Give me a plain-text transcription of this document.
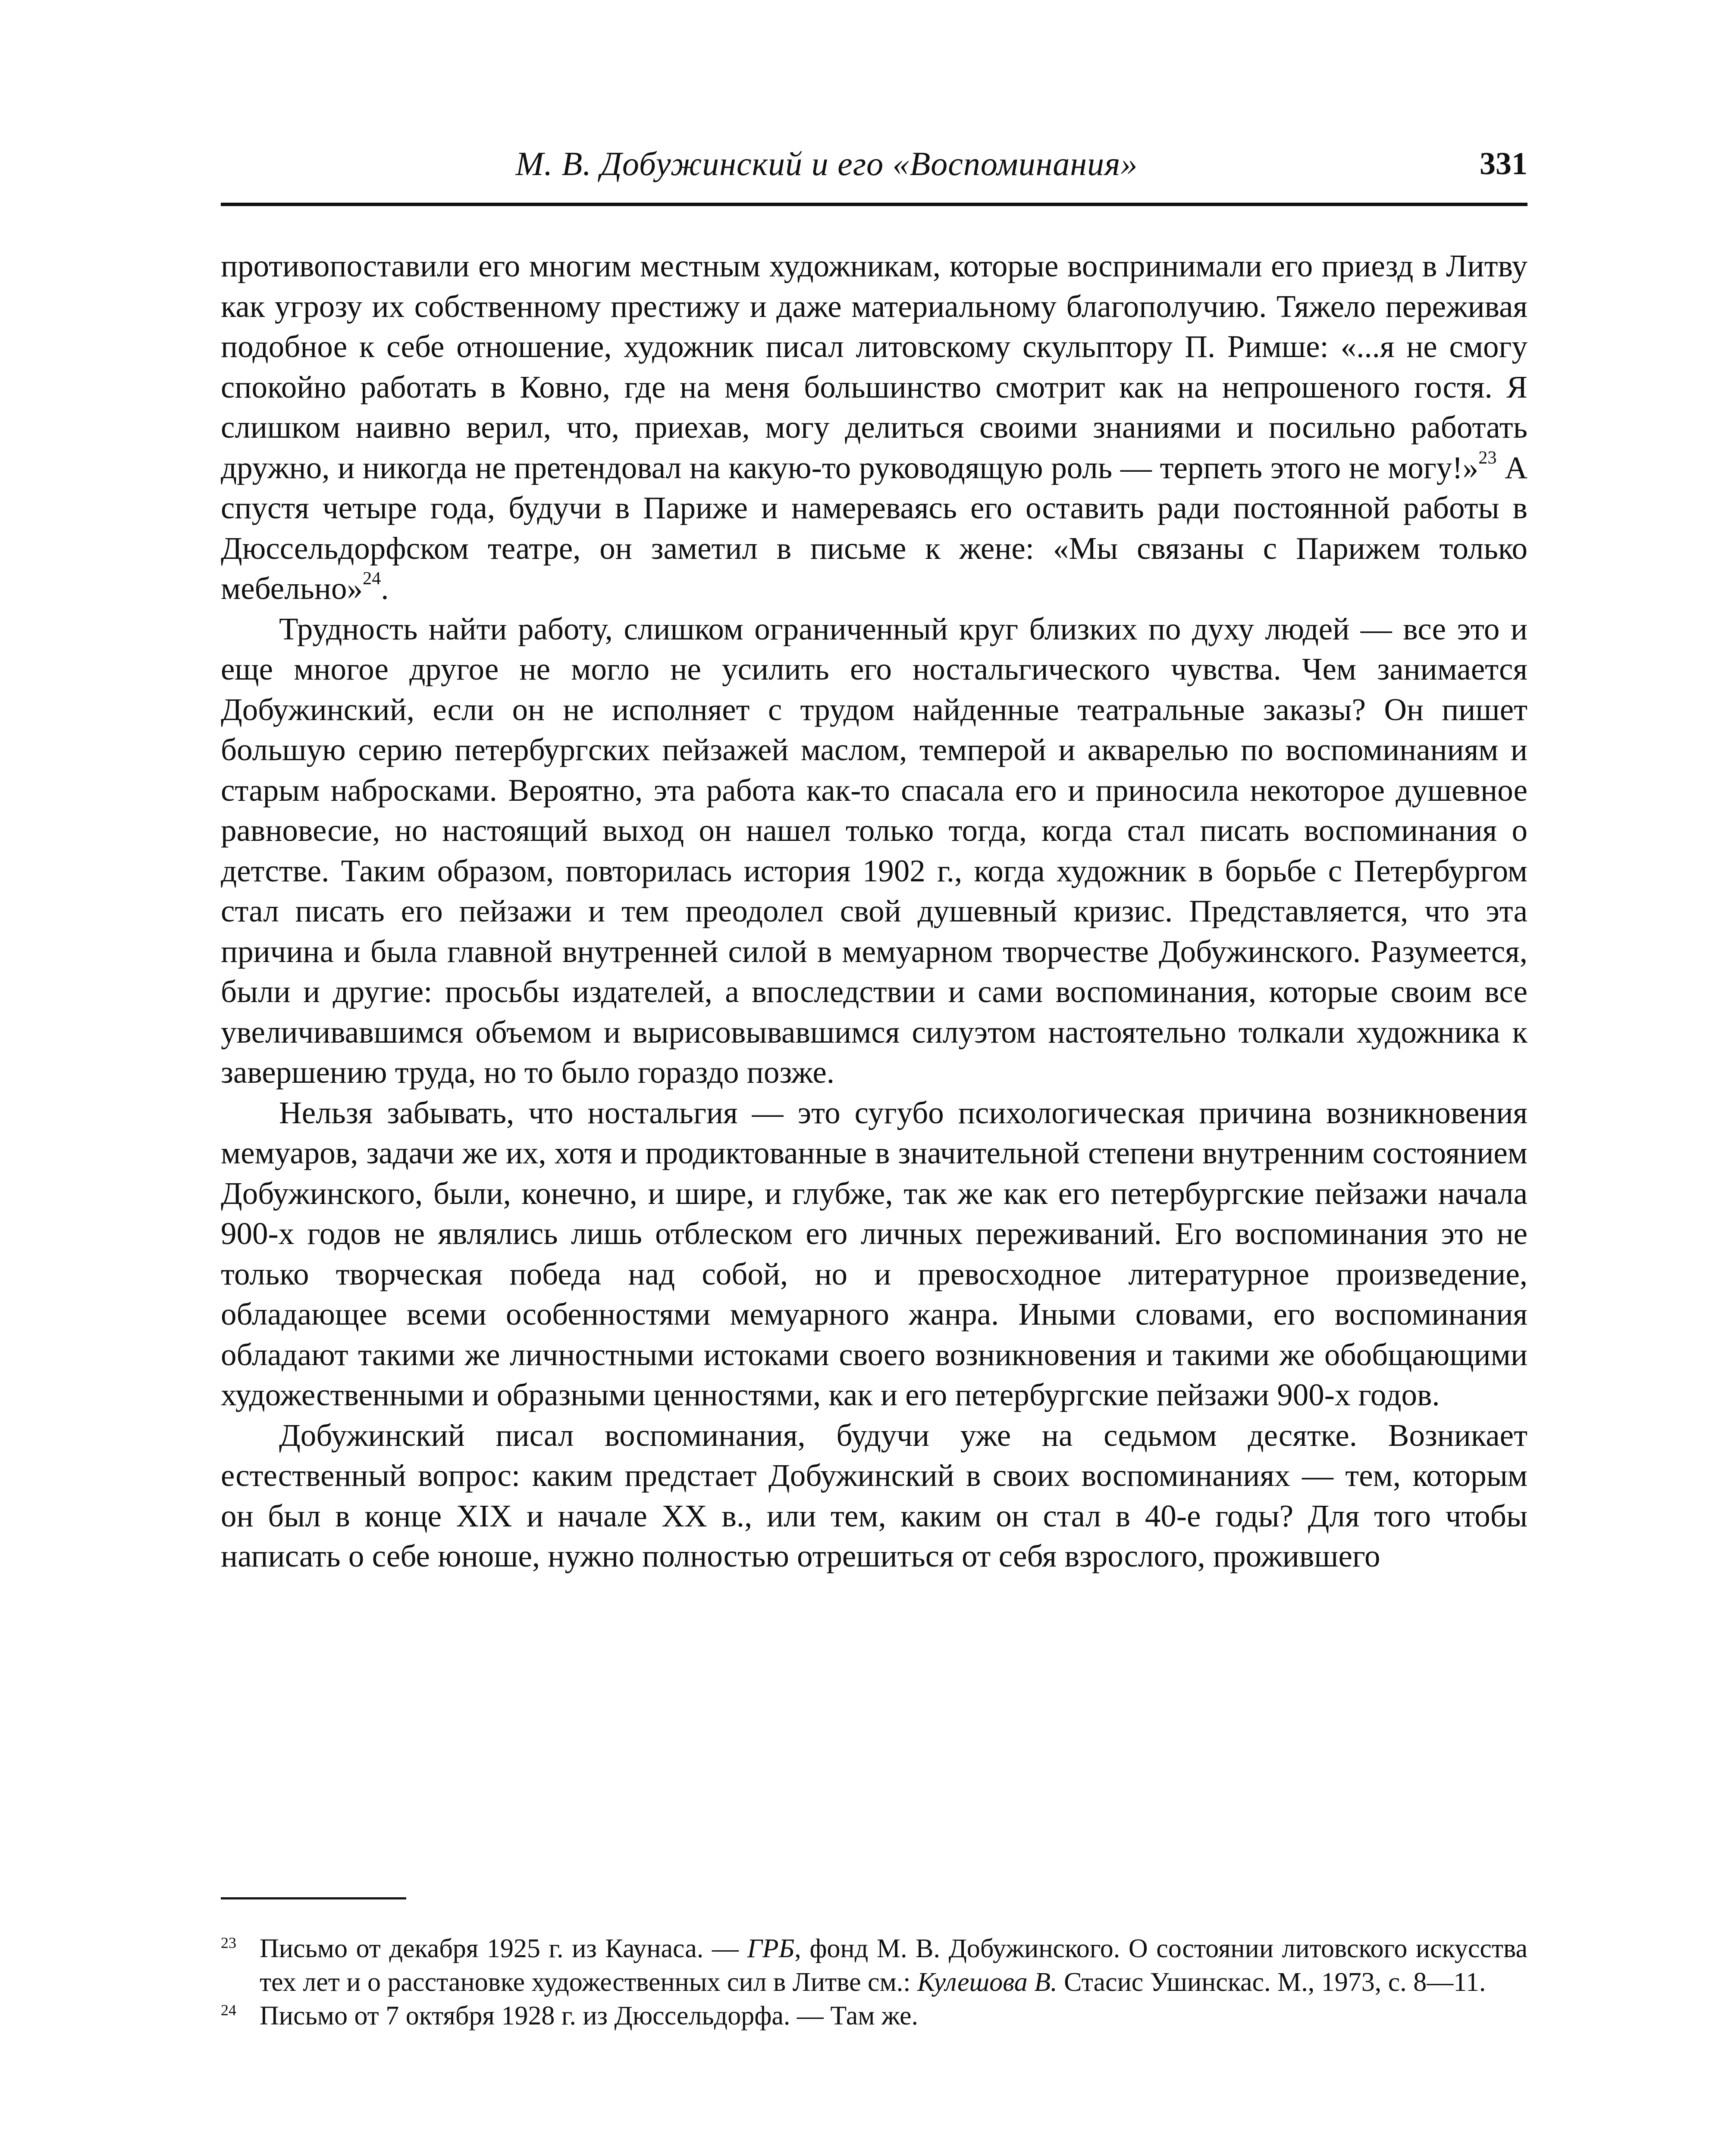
М. В. Добужинский и его «Воспоминания»	331

противопоставили его многим местным художникам, которые воспринимали его приезд в Литву как угрозу их собственному престижу и даже материальному благополучию. Тяжело переживая подобное к себе отношение, художник писал литовскому скульптору П. Римше: «...я не смогу спокойно работать в Ковно, где на меня большинство смотрит как на непрошеного гостя. Я слишком наивно верил, что, приехав, могу делиться своими знаниями и посильно работать дружно, и никогда не претендовал на какую-то руководящую роль — терпеть этого не могу!»$^{23}$ А спустя четыре года, будучи в Париже и намереваясь его оставить ради постоянной работы в Дюссельдорфском театре, он заметил в письме к жене: «Мы связаны с Парижем только мебельно»$^{24}$.

Трудность найти работу, слишком ограниченный круг близких по духу людей — все это и еще многое другое не могло не усилить его ностальгического чувства. Чем занимается Добужинский, если он не исполняет с трудом найденные театральные заказы? Он пишет большую серию петербургских пейзажей маслом, темперой и акварелью по воспоминаниям и старым набросками. Вероятно, эта работа как-то спасала его и приносила некоторое душевное равновесие, но настоящий выход он нашел только тогда, когда стал писать воспоминания о детстве. Таким образом, повторилась история 1902 г., когда художник в борьбе с Петербургом стал писать его пейзажи и тем преодолел свой душевный кризис. Представляется, что эта причина и была главной внутренней силой в мемуарном творчестве Добужинского. Разумеется, были и другие: просьбы издателей, а впоследствии и сами воспоминания, которые своим все увеличивавшимся объемом и вырисовывавшимся силуэтом настоятельно толкали художника к завершению труда, но то было гораздо позже.

Нельзя забывать, что ностальгия — это сугубо психологическая причина возникновения мемуаров, задачи же их, хотя и продиктованные в значительной степени внутренним состоянием Добужинского, были, конечно, и шире, и глубже, так же как его петербургские пейзажи начала 900-х годов не являлись лишь отблеском его личных переживаний. Его воспоминания это не только творческая победа над собой, но и превосходное литературное произведение, обладающее всеми особенностями мемуарного жанра. Иными словами, его воспоминания обладают такими же личностными истоками своего возникновения и такими же обобщающими художественными и образными ценностями, как и его петербургские пейзажи 900-х годов.

Добужинский писал воспоминания, будучи уже на седьмом десятке. Возникает естественный вопрос: каким предстает Добужинский в своих воспоминаниях — тем, которым он был в конце XIX и начале XX в., или тем, каким он стал в 40-е годы? Для того чтобы написать о себе юноше, нужно полностью отрешиться от себя взрослого, прожившего

$^{23}$ Письмо от декабря 1925 г. из Каунаса. — ГРБ, фонд М. В. Добужинского. О состоянии литовского искусства тех лет и о расстановке художественных сил в Литве см.: Кулешова В. Стасис Ушинскас. М., 1973, с. 8—11.

$^{24}$ Письмо от 7 октября 1928 г. из Дюссельдорфа. — Там же.
